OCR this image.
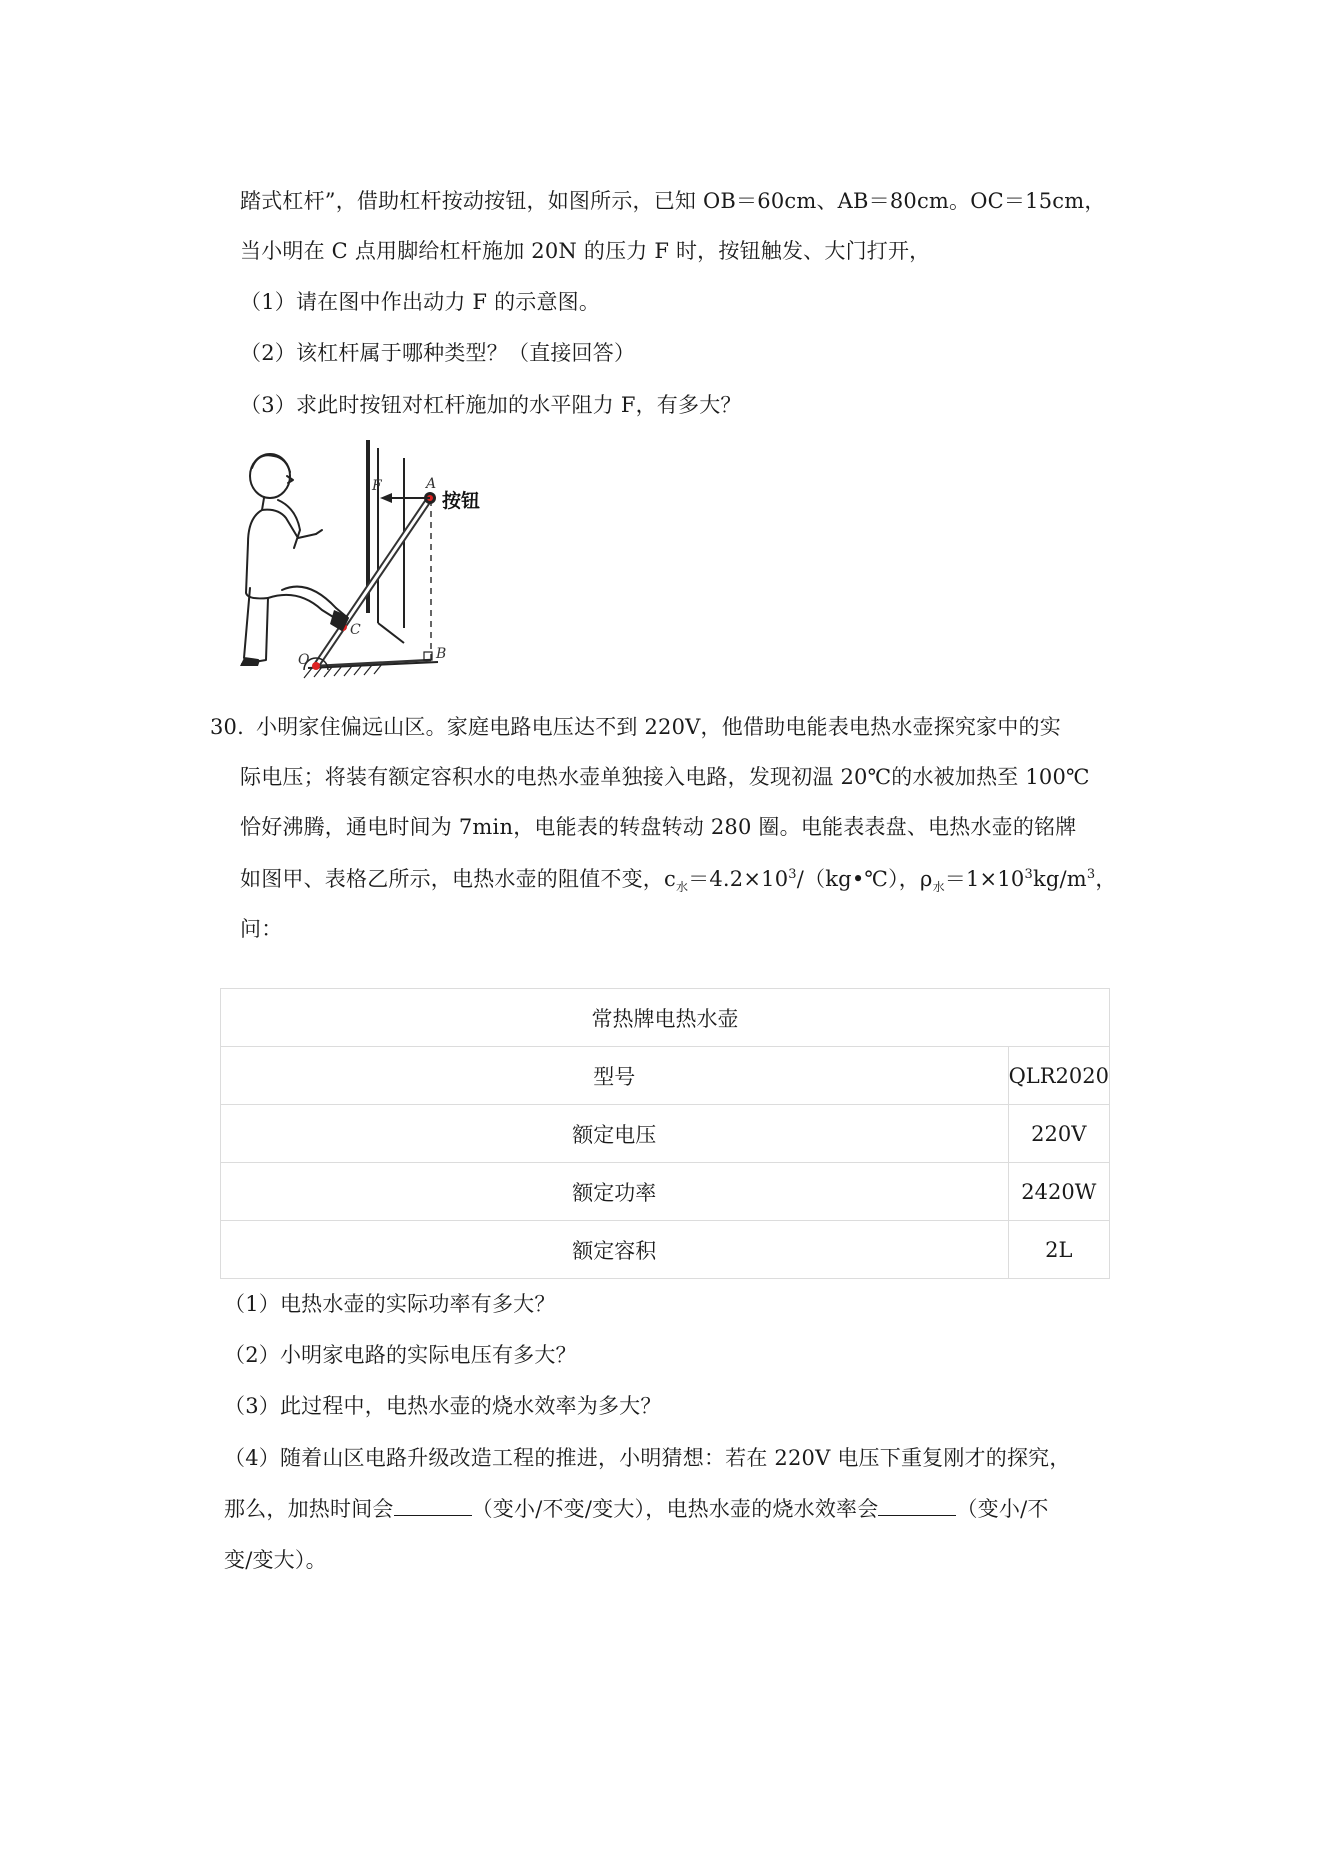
踏式杠杆”，借助杠杆按动按钮，如图所示，已知 OB＝60cm、AB＝80cm。OC＝15cm，
当小明在 C 点用脚给杠杆施加 20N 的压力 F 时，按钮触发、大门打开，
（1）请在图中作出动力 F 的示意图。
（2）该杠杆属于哪种类型？（直接回答）
（3）求此时按钮对杠杆施加的水平阻力 F，有多大？
按钮
A
B
C
O
F
30. 小明家住偏远山区。家庭电路电压达不到 220V，他借助电能表电热水壶探究家中的实
际电压；将装有额定容积水的电热水壶单独接入电路，发现初温 20℃的水被加热至 100℃
恰好沸腾，通电时间为 7min，电能表的转盘转动 280 圈。电能表表盘、电热水壶的铭牌
如图甲、表格乙所示，电热水壶的阻值不变，$c_水=4.2\times 10^3/(kg•℃)$，$\rho_水=1\times 10^3kg/m^3$，
问：
常热牌电热水壶	
型号	QLR2020
额定电压	220V
额定功率	2420W
额定容积	2L
（1）电热水壶的实际功率有多大？
（2）小明家电路的实际电压有多大？
（3）此过程中，电热水壶的烧水效率为多大？
（4）随着山区电路升级改造工程的推进，小明猜想：若在 220V 电压下重复刚才的探究，
那么，加热时间会	（变小/不变/变大），电热水壶的烧水效率会	（变小/不
变/变大）。
